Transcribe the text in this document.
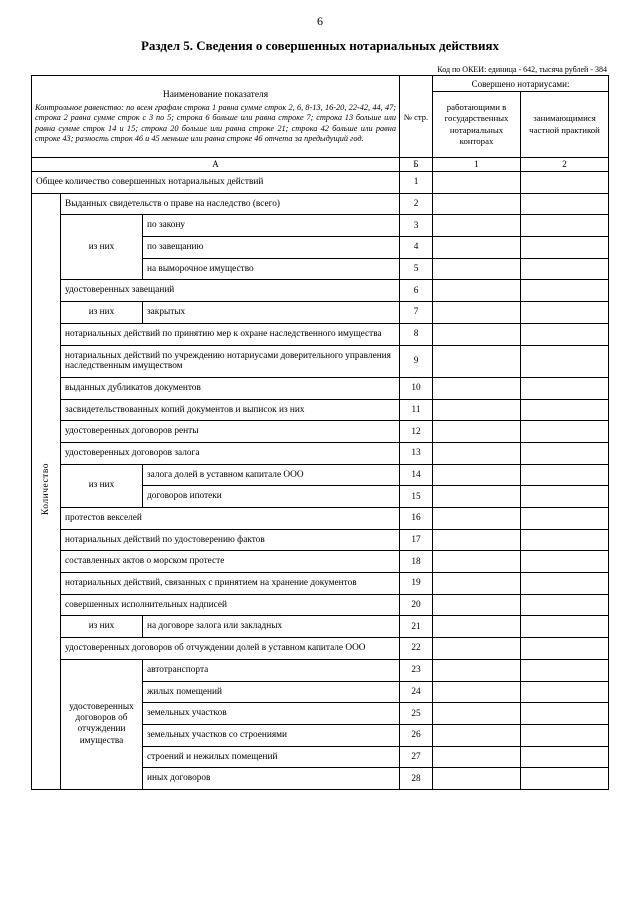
6
Раздел 5. Сведения о совершенных нотариальных действиях
Код по ОКЕИ: единица - 642, тысяча рублей - 384
Наименование показателя
Контрольное равенство: по всем графам строка 1 равна сумме строк 2, 6, 8-13, 16-20, 22-42, 44, 47; строка 2 равна сумме строк с 3 по 5; строка 6 больше или равна строке 7; строка 13 больше или равна сумме строк 14 и 15; строка 20 больше или равна строке 21; строка 42 больше или равна строке 43; разность строк 46 и 45 меньше или равна строке 46 отчета за предыдущий год.			№ стр.	Совершено нотариусами:	
				работающими в государственных нотариальных конторах	занимающимися частной практикой
А			Б	1	2
Общее количество совершенных нотариальных действий			1		
Количество	Выданных свидетельств о праве на наследство (всего)		2		
	из них	по закону	3		
		по завещанию	4		
		на выморочное имущество	5		
	удостоверенных завещаний		6		
	из них	закрытых	7		
	нотариальных действий по принятию мер к охране наследственного имущества		8		
	нотариальных действий по учреждению нотариусами доверительного управления наследственным имуществом		9		
	выданных дубликатов документов		10		
	засвидетельствованных копий документов и выписок из них		11		
	удостоверенных договоров ренты		12		
	удостоверенных договоров залога		13		
	из них	залога долей в уставном капитале ООО	14		
		договоров ипотеки	15		
	протестов векселей		16		
	нотариальных действий по удостоверению фактов		17		
	составленных актов о морском протесте		18		
	нотариальных действий, связанных с принятием на хранение документов		19		
	совершенных исполнительных надписей		20		
	из них	на договоре залога или закладных	21		
	удостоверенных договоров об отчуждении долей в уставном капитале ООО		22		
	удостоверенных договоров об отчуждении имущества	автотранспорта	23		
		жилых помещений	24		
		земельных участков	25		
		земельных участков со строениями	26		
		строений и нежилых помещений	27		
		иных договоров	28		
